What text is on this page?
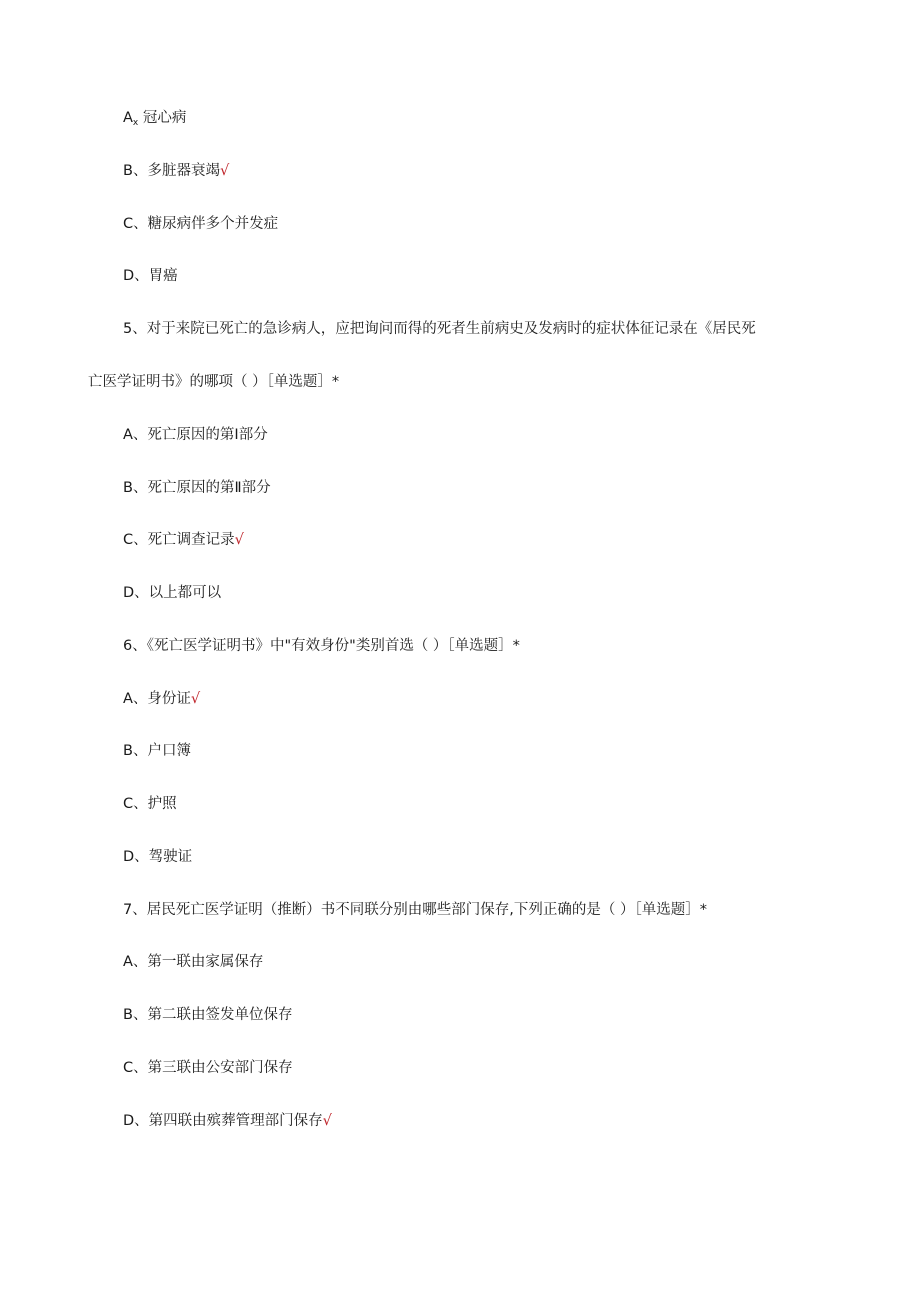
$A_x$ 冠心病
B、多脏器衰竭√
C、糖尿病伴多个并发症
D、胃癌
5、对于来院已死亡的急诊病人，应把询问而得的死者生前病史及发病时的症状体征记录在《居民死
亡医学证明书》的哪项（ ）［单选题］*
A、死亡原因的第Ⅰ部分
B、死亡原因的第Ⅱ部分
C、死亡调查记录√
D、以上都可以
6、《死亡医学证明书》中"有效身份"类别首选（ ）［单选题］*
A、身份证√
B、户口簿
C、护照
D、驾驶证
7、居民死亡医学证明（推断）书不同联分别由哪些部门保存,下列正确的是（ ）［单选题］*
A、第一联由家属保存
B、第二联由签发单位保存
C、第三联由公安部门保存
D、第四联由殡葬管理部门保存√
